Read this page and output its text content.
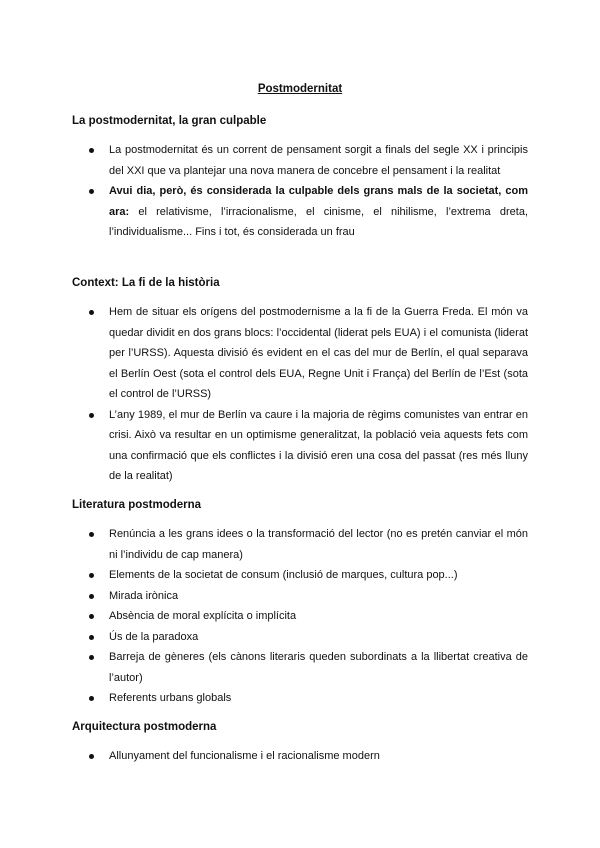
Postmodernitat
La postmodernitat, la gran culpable
La postmodernitat és un corrent de pensament sorgit a finals del segle XX i principis del XXI que va plantejar una nova manera de concebre el pensament i la realitat
Avui dia, però, és considerada la culpable dels grans mals de la societat, com ara: el relativisme, l’irracionalisme, el cinisme, el nihilisme, l’extrema dreta, l’individualisme... Fins i tot, és considerada un frau
Context: La fi de la història
Hem de situar els orígens del postmodernisme a la fi de la Guerra Freda. El món va quedar dividit en dos grans blocs: l’occidental (liderat pels EUA) i el comunista (liderat per l’URSS). Aquesta divisió és evident en el cas del mur de Berlín, el qual separava el Berlín Oest (sota el control dels EUA, Regne Unit i França) del Berlín de l’Est (sota el control de l’URSS)
L’any 1989, el mur de Berlín va caure i la majoria de règims comunistes van entrar en crisi. Això va resultar en un optimisme generalitzat, la població veia aquests fets com una confirmació que els conflictes i la divisió eren una cosa del passat (res més lluny de la realitat)
Literatura postmoderna
Renúncia a les grans idees o la transformació del lector (no es pretén canviar el món ni l’individu de cap manera)
Elements de la societat de consum (inclusió de marques, cultura pop...)
Mirada irònica
Absència de moral explícita o implícita
Ús de la paradoxa
Barreja de gèneres (els cànons literaris queden subordinats a la llibertat creativa de l’autor)
Referents urbans globals
Arquitectura postmoderna
Allunyament del funcionalisme i el racionalisme modern
